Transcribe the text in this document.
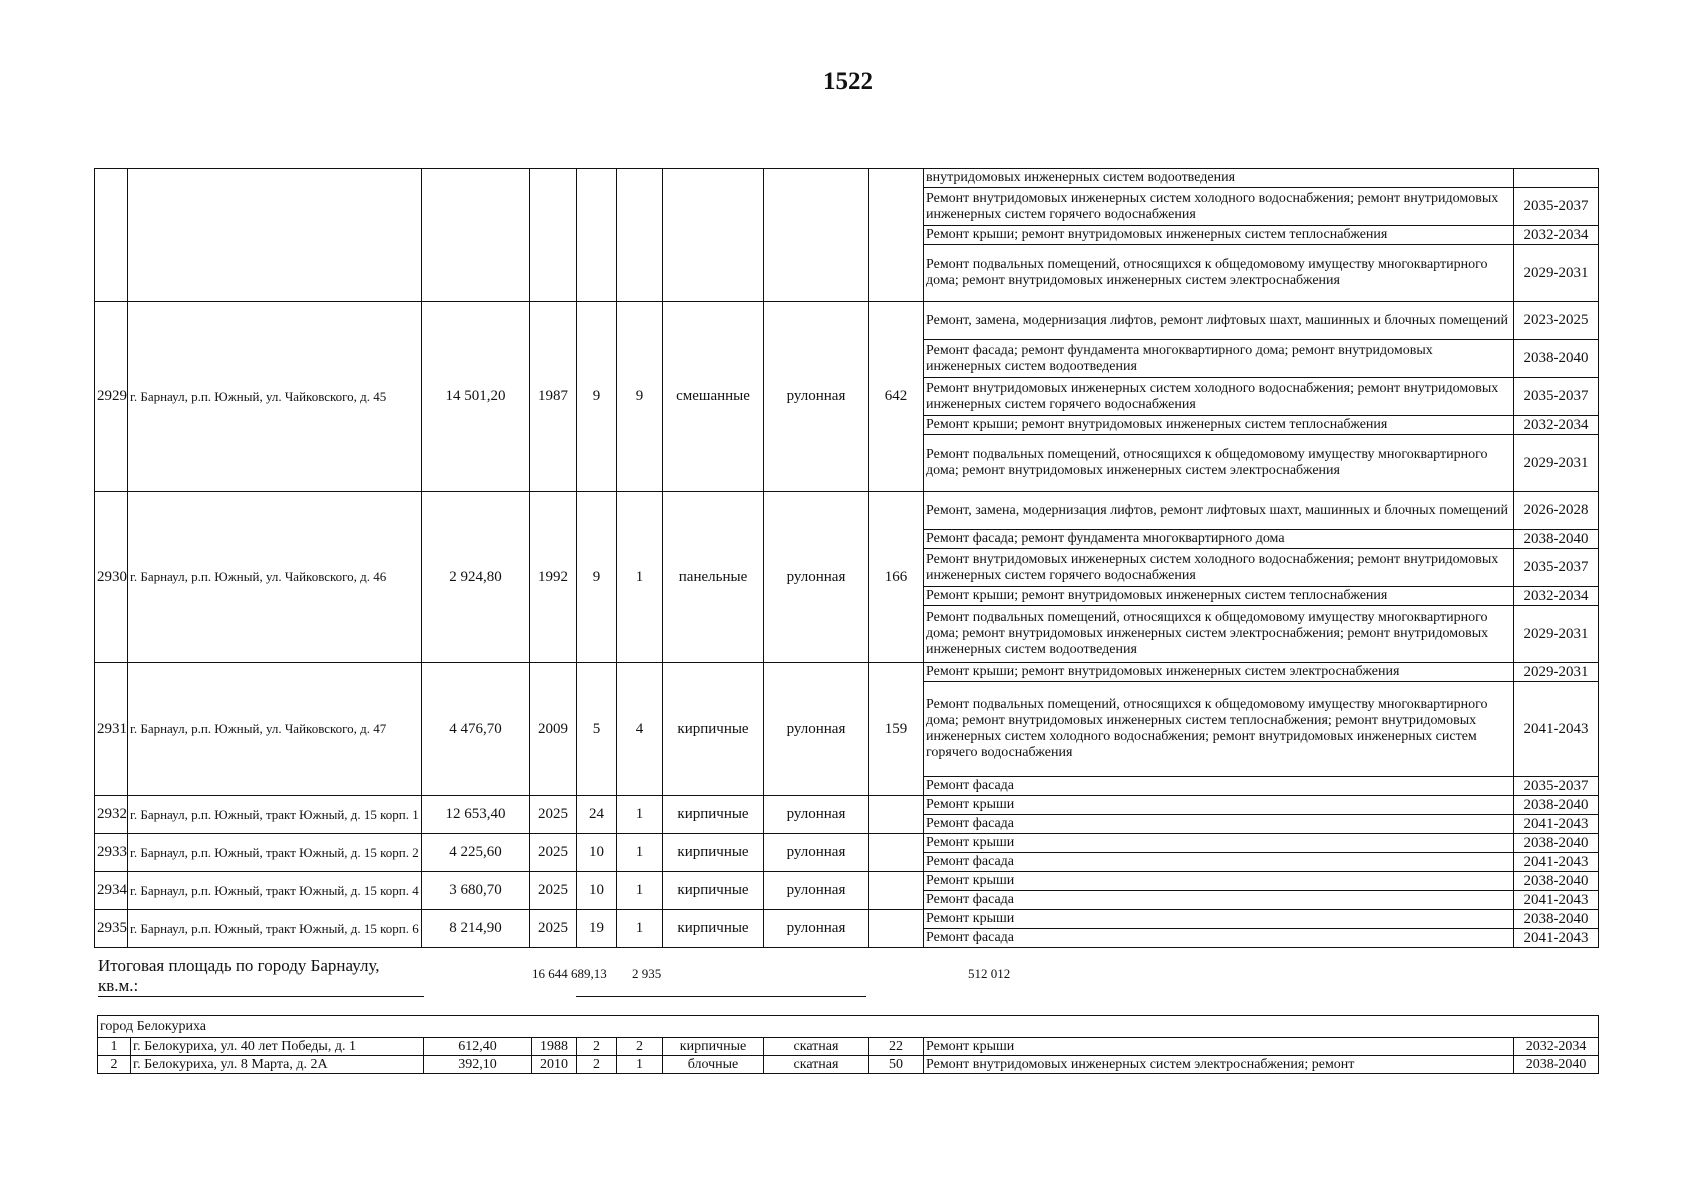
1522
									внутридомовых инженерных систем водоотведения	
									Ремонт внутридомовых инженерных систем холодного водоснабжения; ремонт внутридомовых инженерных систем горячего водоснабжения	2035-2037
									Ремонт крыши; ремонт внутридомовых инженерных систем теплоснабжения	2032-2034
									Ремонт подвальных помещений, относящихся к общедомовому имуществу многоквартирного дома; ремонт внутридомовых инженерных систем электроснабжения	2029-2031
2929	г. Барнаул, р.п. Южный, ул. Чайковского, д. 45	14 501,20	1987	9	9	смешанные	рулонная	642	Ремонт, замена, модернизация лифтов, ремонт лифтовых шахт, машинных и блочных помещений	2023-2025
									Ремонт фасада; ремонт фундамента многоквартирного дома; ремонт внутридомовых инженерных систем водоотведения	2038-2040
									Ремонт внутридомовых инженерных систем холодного водоснабжения; ремонт внутридомовых инженерных систем горячего водоснабжения	2035-2037
									Ремонт крыши; ремонт внутридомовых инженерных систем теплоснабжения	2032-2034
									Ремонт подвальных помещений, относящихся к общедомовому имуществу многоквартирного дома; ремонт внутридомовых инженерных систем электроснабжения	2029-2031
2930	г. Барнаул, р.п. Южный, ул. Чайковского, д. 46	2 924,80	1992	9	1	панельные	рулонная	166	Ремонт, замена, модернизация лифтов, ремонт лифтовых шахт, машинных и блочных помещений	2026-2028
									Ремонт фасада; ремонт фундамента многоквартирного дома	2038-2040
									Ремонт внутридомовых инженерных систем холодного водоснабжения; ремонт внутридомовых инженерных систем горячего водоснабжения	2035-2037
									Ремонт крыши; ремонт внутридомовых инженерных систем теплоснабжения	2032-2034
									Ремонт подвальных помещений, относящихся к общедомовому имуществу многоквартирного дома; ремонт внутридомовых инженерных систем электроснабжения; ремонт внутридомовых инженерных систем водоотведения	2029-2031
2931	г. Барнаул, р.п. Южный, ул. Чайковского, д. 47	4 476,70	2009	5	4	кирпичные	рулонная	159	Ремонт крыши; ремонт внутридомовых инженерных систем электроснабжения	2029-2031
									Ремонт подвальных помещений, относящихся к общедомовому имуществу многоквартирного дома; ремонт внутридомовых инженерных систем теплоснабжения; ремонт внутридомовых инженерных систем холодного водоснабжения; ремонт внутридомовых инженерных систем горячего водоснабжения	2041-2043
									Ремонт фасада	2035-2037
2932	г. Барнаул, р.п. Южный, тракт Южный, д. 15 корп. 1	12 653,40	2025	24	1	кирпичные	рулонная		Ремонт крыши	2038-2040
									Ремонт фасада	2041-2043
2933	г. Барнаул, р.п. Южный, тракт Южный, д. 15 корп. 2	4 225,60	2025	10	1	кирпичные	рулонная		Ремонт крыши	2038-2040
									Ремонт фасада	2041-2043
2934	г. Барнаул, р.п. Южный, тракт Южный, д. 15 корп. 4	3 680,70	2025	10	1	кирпичные	рулонная		Ремонт крыши	2038-2040
									Ремонт фасада	2041-2043
2935	г. Барнаул, р.п. Южный, тракт Южный, д. 15 корп. 6	8 214,90	2025	19	1	кирпичные	рулонная		Ремонт крыши	2038-2040
									Ремонт фасада	2041-2043
Итоговая площадь по городу Барнаулу, кв.м.:
16 644 689,13 2 935	512 012
город Белокуриха										
1	г. Белокуриха, ул. 40 лет Победы, д. 1	612,40	1988	2	2	кирпичные	скатная	22	Ремонт крыши	2032-2034
2	г. Белокуриха, ул. 8 Марта, д. 2А	392,10	2010	2	1	блочные	скатная	50	Ремонт внутридомовых инженерных систем электроснабжения; ремонт	2038-2040
